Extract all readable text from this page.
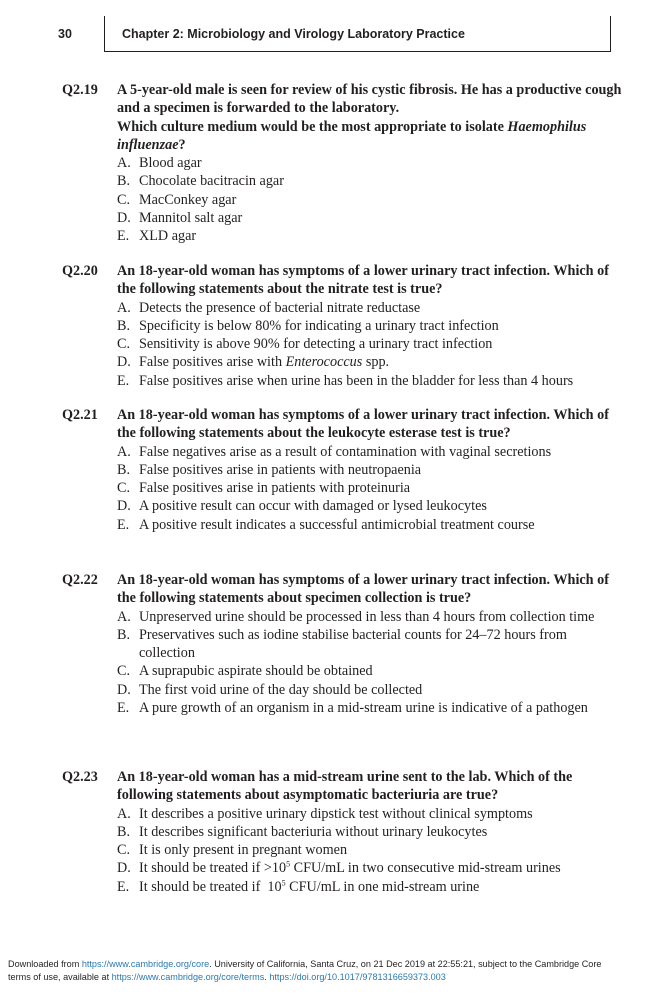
30	Chapter 2: Microbiology and Virology Laboratory Practice
Q2.19 A 5-year-old male is seen for review of his cystic fibrosis. He has a productive cough and a specimen is forwarded to the laboratory.

Which culture medium would be the most appropriate to isolate Haemophilus influenzae?

A. Blood agar
B. Chocolate bacitracin agar
C. MacConkey agar
D. Mannitol salt agar
E. XLD agar
Q2.20 An 18-year-old woman has symptoms of a lower urinary tract infection. Which of the following statements about the nitrate test is true?
A. Detects the presence of bacterial nitrate reductase
B. Specificity is below 80% for indicating a urinary tract infection
C. Sensitivity is above 90% for detecting a urinary tract infection
D. False positives arise with Enterococcus spp.
E. False positives arise when urine has been in the bladder for less than 4 hours
Q2.21 An 18-year-old woman has symptoms of a lower urinary tract infection. Which of the following statements about the leukocyte esterase test is true?
A. False negatives arise as a result of contamination with vaginal secretions
B. False positives arise in patients with neutropaenia
C. False positives arise in patients with proteinuria
D. A positive result can occur with damaged or lysed leukocytes
E. A positive result indicates a successful antimicrobial treatment course
Q2.22 An 18-year-old woman has symptoms of a lower urinary tract infection. Which of the following statements about specimen collection is true?
A. Unpreserved urine should be processed in less than 4 hours from collection time
B. Preservatives such as iodine stabilise bacterial counts for 24–72 hours from collection
C. A suprapubic aspirate should be obtained
D. The first void urine of the day should be collected
E. A pure growth of an organism in a mid-stream urine is indicative of a pathogen
Q2.23 An 18-year-old woman has a mid-stream urine sent to the lab. Which of the following statements about asymptomatic bacteriuria are true?
A. It describes a positive urinary dipstick test without clinical symptoms
B. It describes significant bacteriuria without urinary leukocytes
C. It is only present in pregnant women
D. It should be treated if $>10^5$ CFU/mL in two consecutive mid-stream urines
E. It should be treated if  $10^5$ CFU/mL in one mid-stream urine
Downloaded from https://www.cambridge.org/core. University of California, Santa Cruz, on 21 Dec 2019 at 22:55:21, subject to the Cambridge Core
terms of use, available at https://www.cambridge.org/core/terms. https://doi.org/10.1017/9781316659373.003
